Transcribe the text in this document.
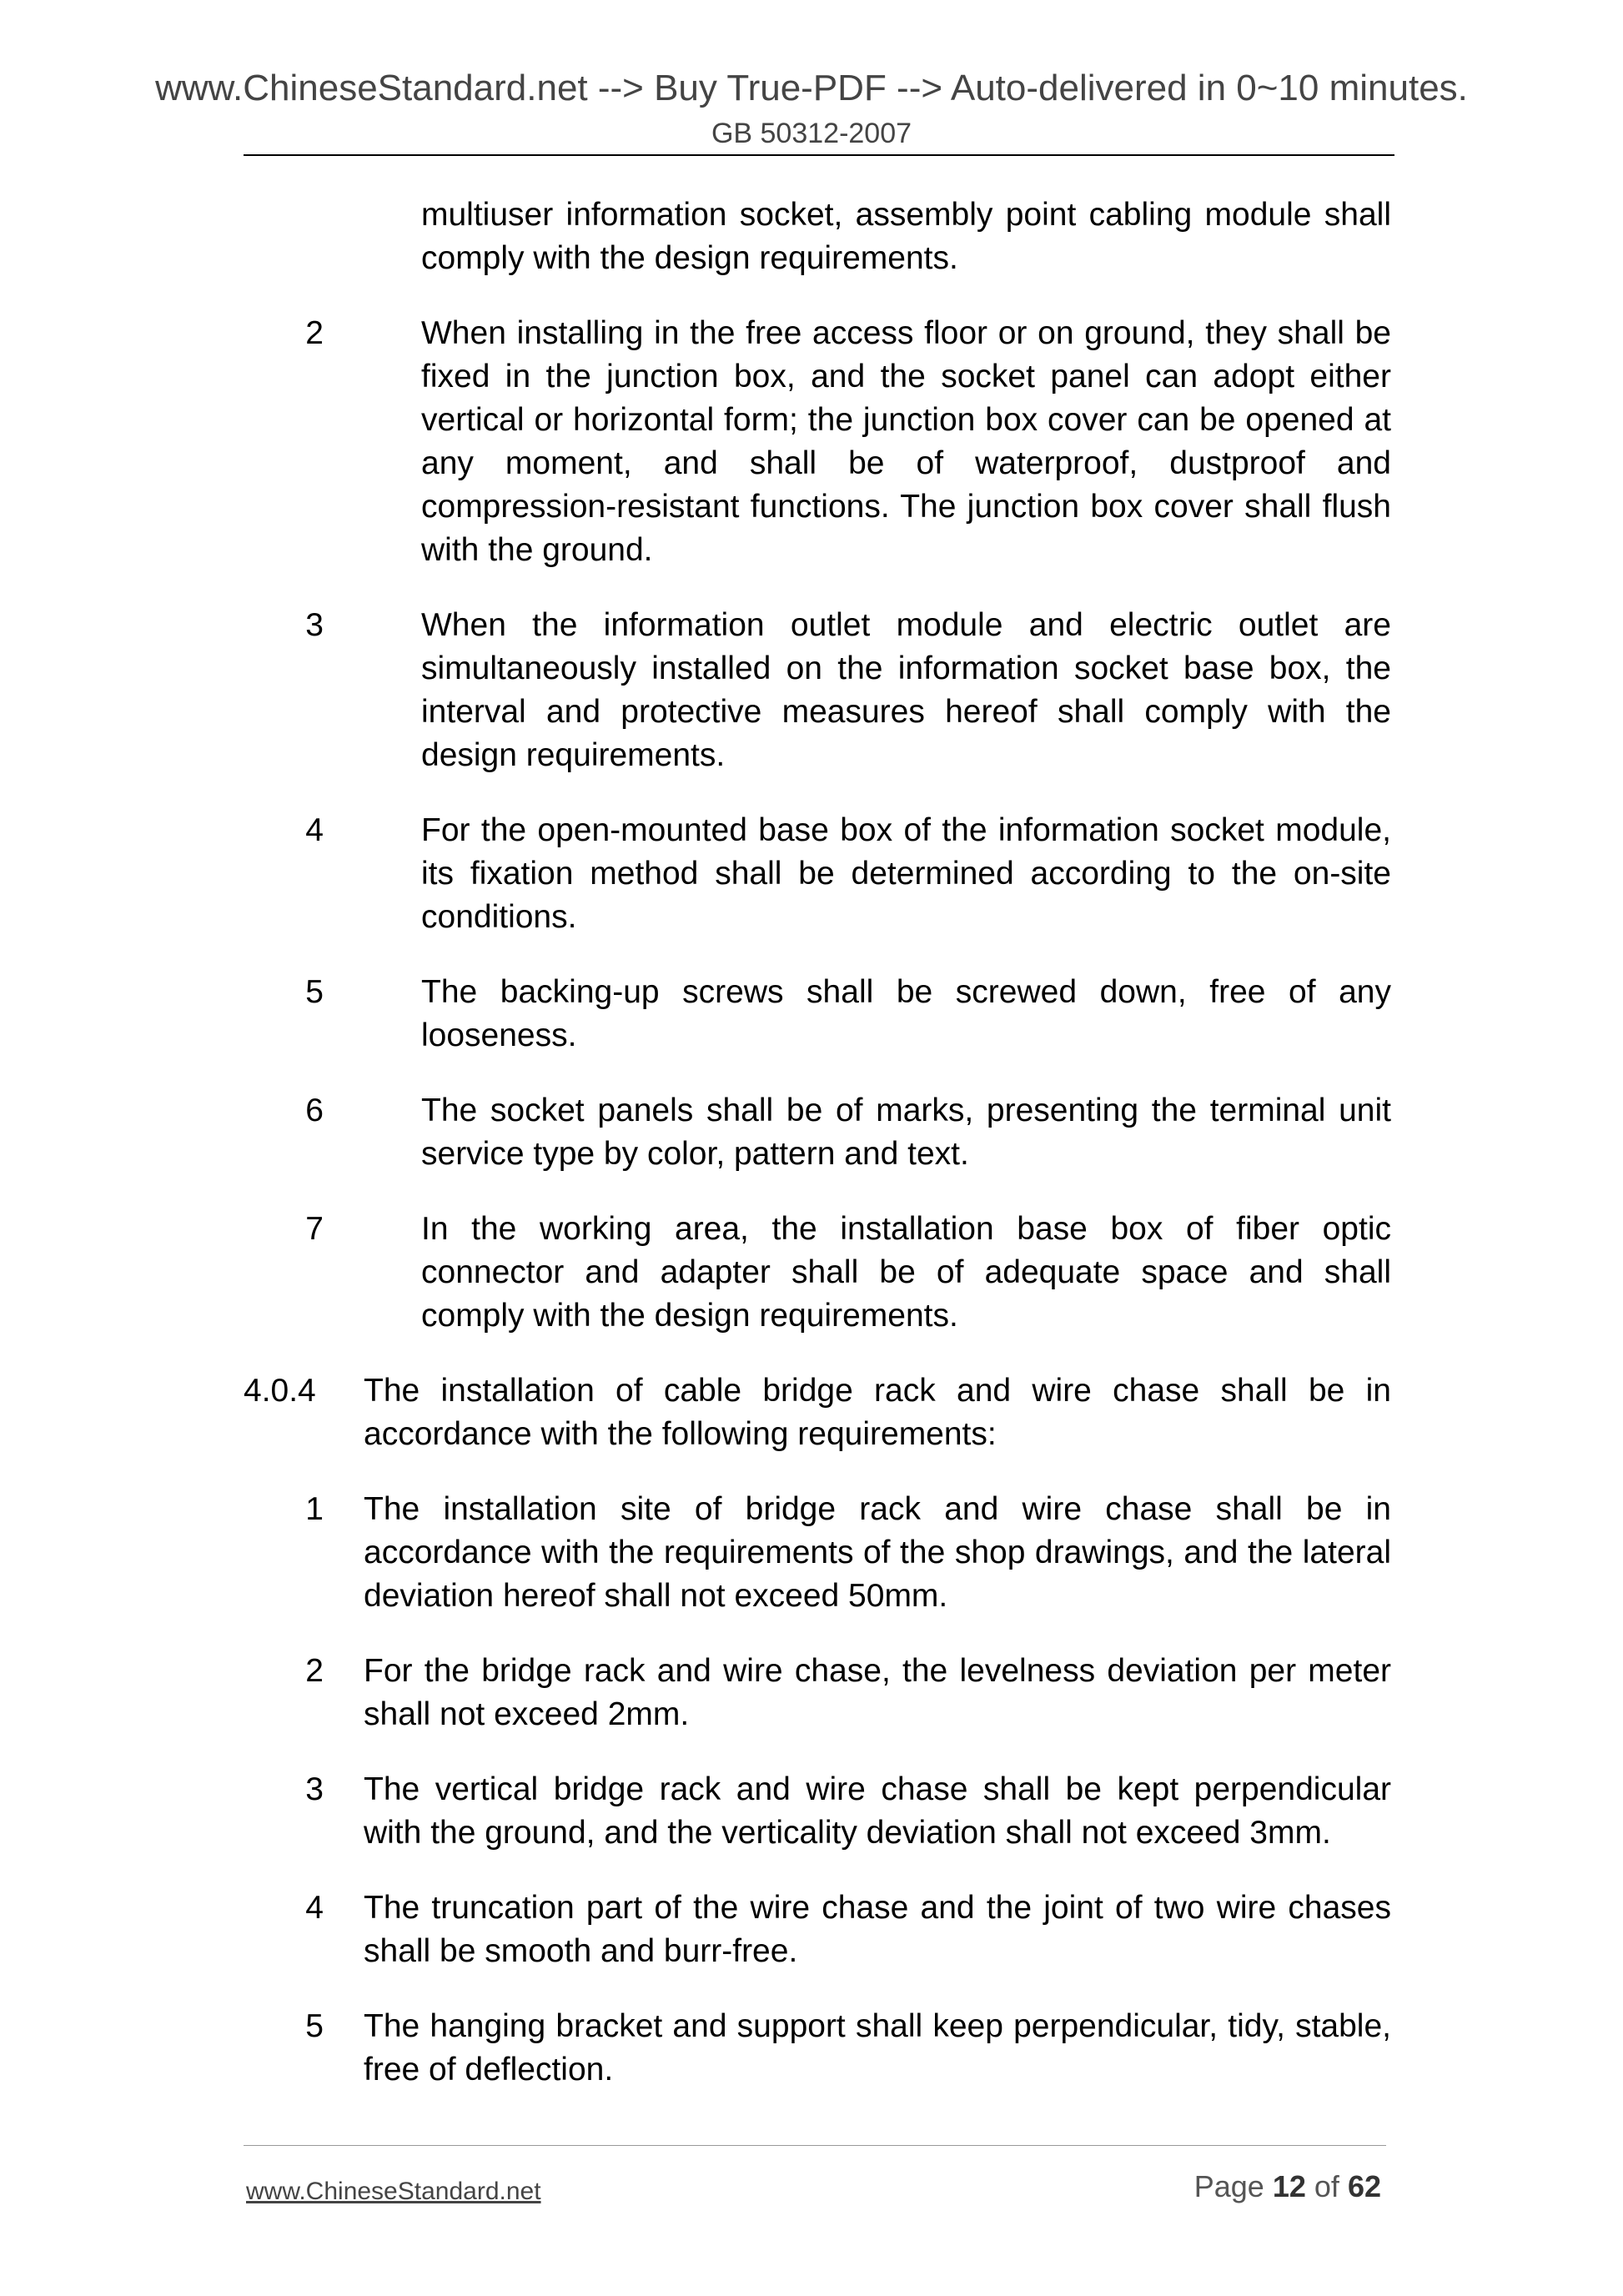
www.ChineseStandard.net --> Buy True-PDF --> Auto-delivered in 0~10 minutes.
GB 50312-2007
multiuser information socket, assembly point cabling module shall comply with the design requirements.
2	When installing in the free access floor or on ground, they shall be fixed in the junction box, and the socket panel can adopt either vertical or horizontal form; the junction box cover can be opened at any moment, and shall be of waterproof, dustproof and compression-resistant functions. The junction box cover shall flush with the ground.
3	When the information outlet module and electric outlet are simultaneously installed on the information socket base box, the interval and protective measures hereof shall comply with the design requirements.
4	For the open-mounted base box of the information socket module, its fixation method shall be determined according to the on-site conditions.
5	The backing-up screws shall be screwed down, free of any looseness.
6	The socket panels shall be of marks, presenting the terminal unit service type by color, pattern and text.
7	In the working area, the installation base box of fiber optic connector and adapter shall be of adequate space and shall comply with the design requirements.
4.0.4 The installation of cable bridge rack and wire chase shall be in accordance with the following requirements:
1 The installation site of bridge rack and wire chase shall be in accordance with the requirements of the shop drawings, and the lateral deviation hereof shall not exceed 50mm.
2 For the bridge rack and wire chase, the levelness deviation per meter shall not exceed 2mm.
3 The vertical bridge rack and wire chase shall be kept perpendicular with the ground, and the verticality deviation shall not exceed 3mm.
4 The truncation part of the wire chase and the joint of two wire chases shall be smooth and burr-free.
5 The hanging bracket and support shall keep perpendicular, tidy, stable, free of deflection.
www.ChineseStandard.net	Page 12 of 62
